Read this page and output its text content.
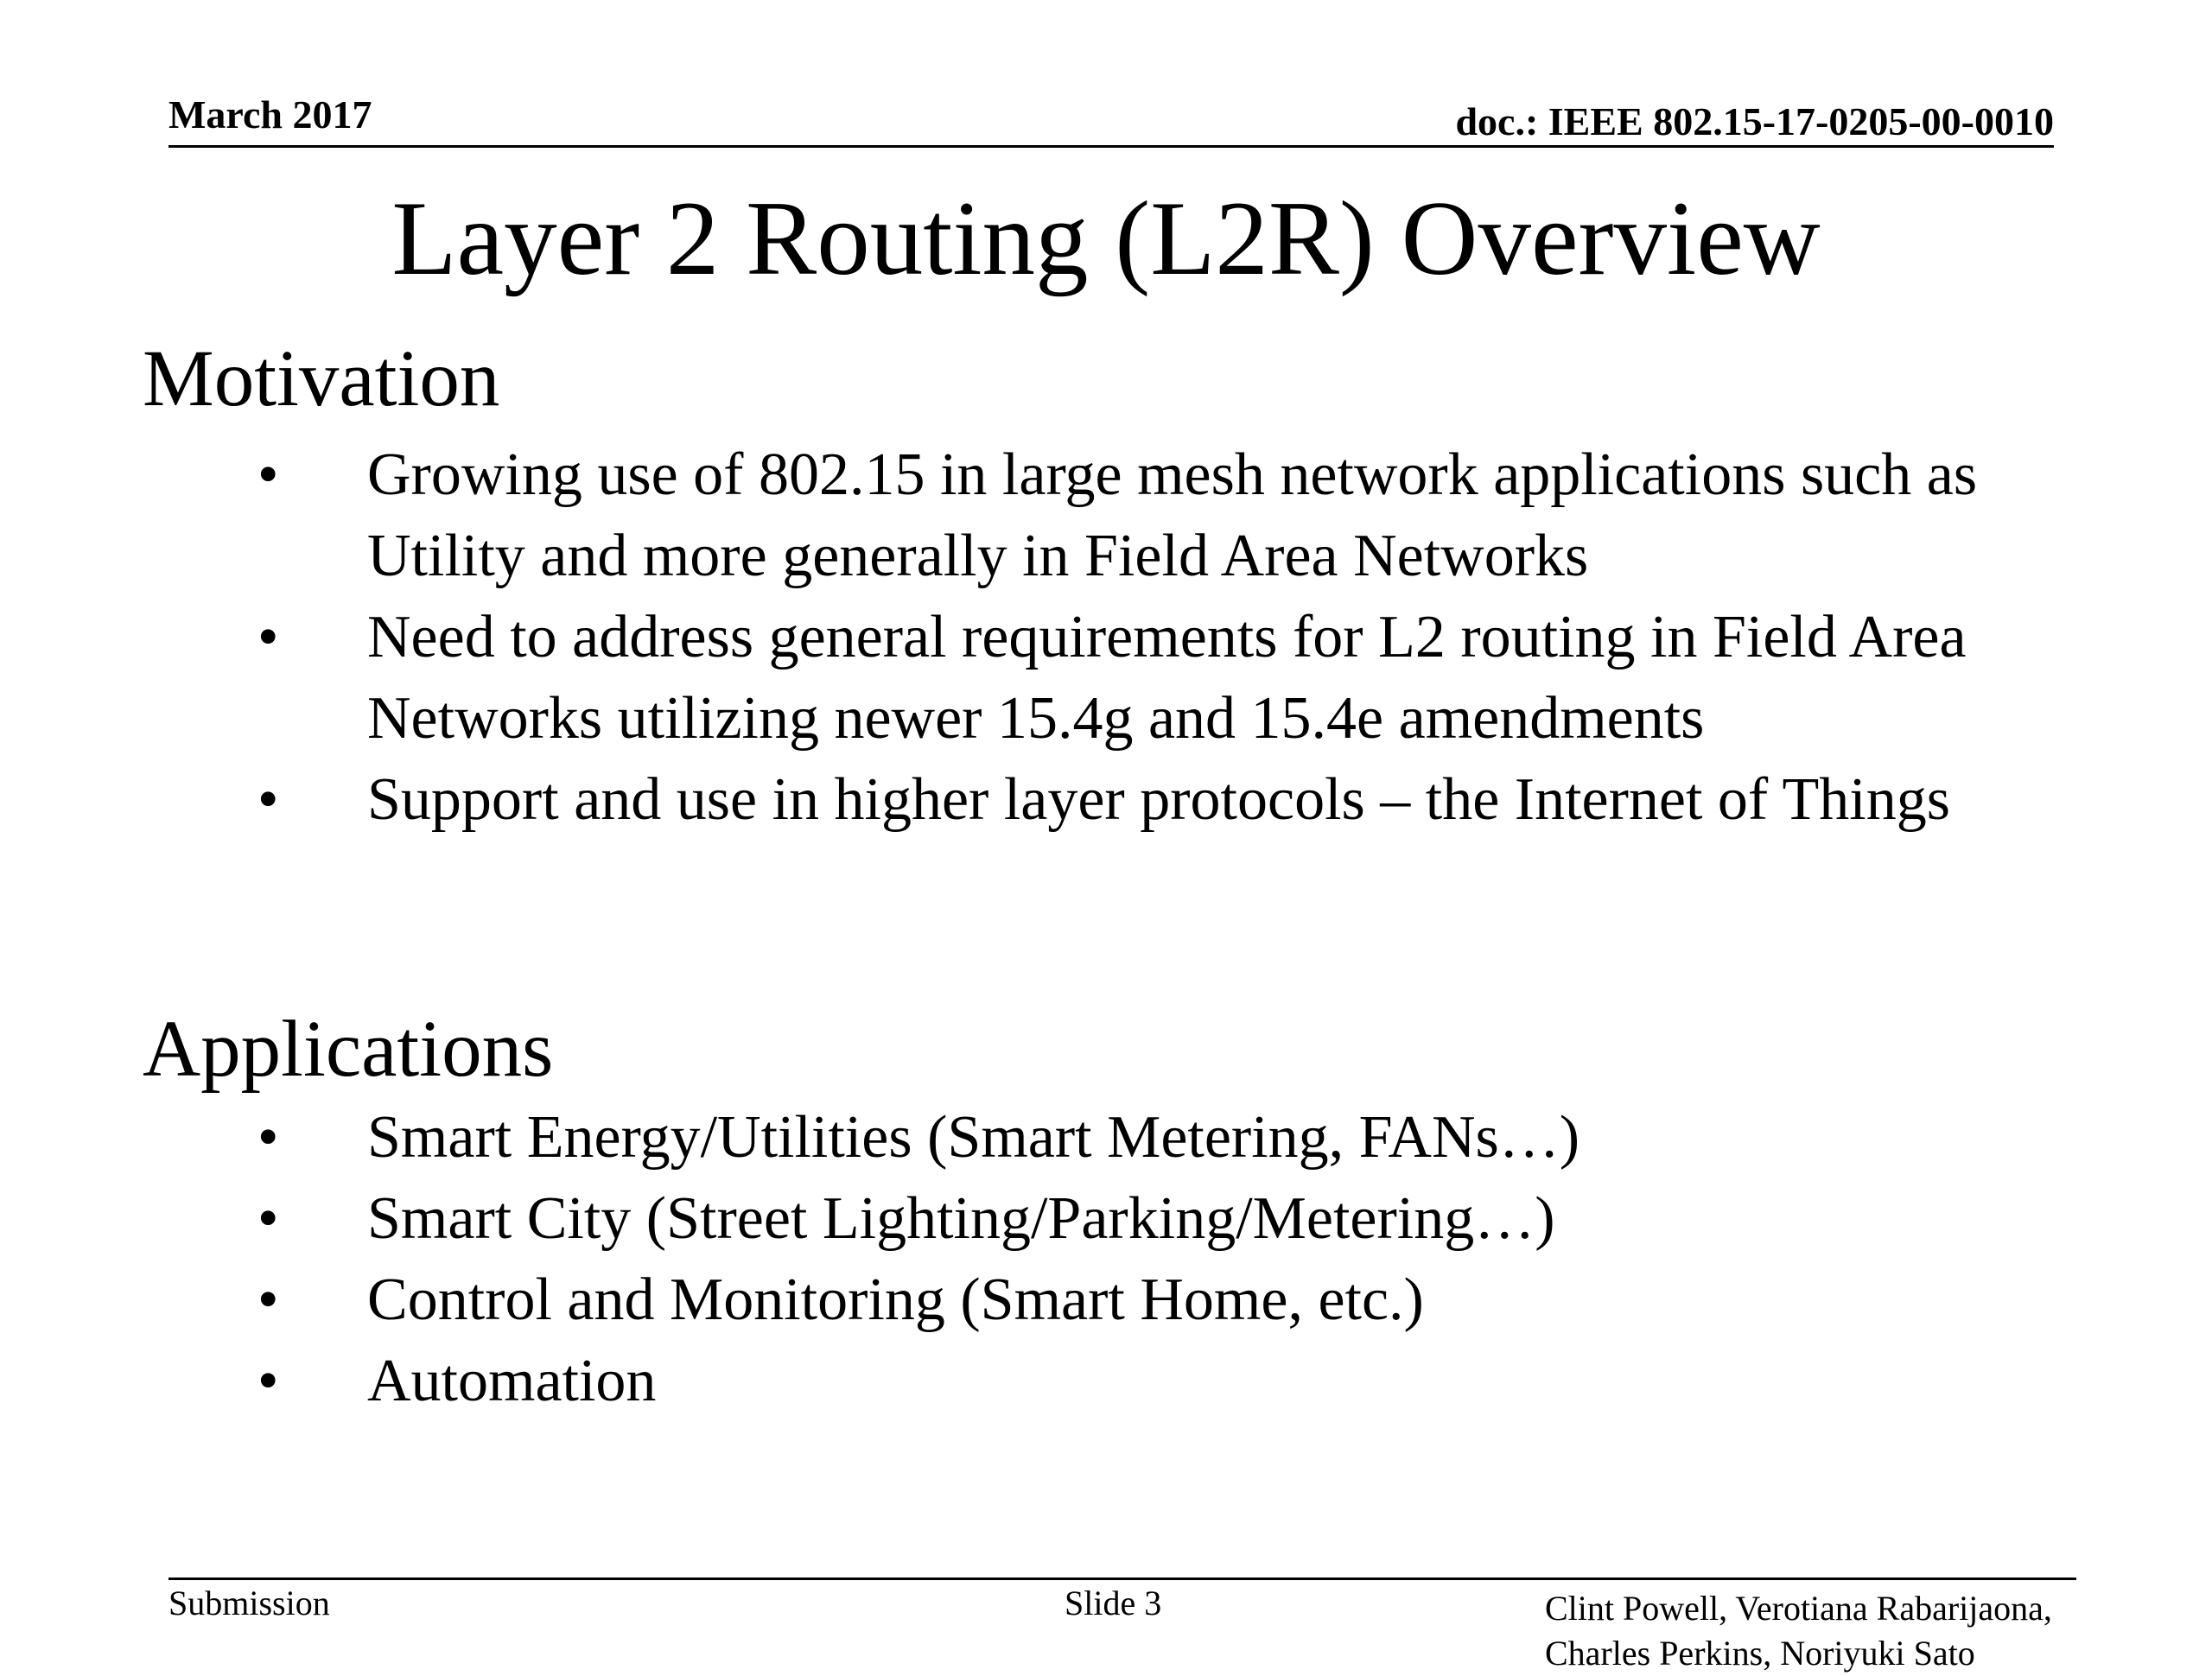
March 2017	doc.: IEEE 802.15-17-0205-00-0010
Layer 2 Routing (L2R) Overview
Motivation
• Growing use of 802.15 in large mesh network applications such as Utility and more generally in Field Area Networks
• Need to address general requirements for L2 routing in Field Area Networks utilizing newer 15.4g and 15.4e amendments
• Support and use in higher layer protocols – the Internet of Things
Applications
• Smart Energy/Utilities (Smart Metering, FANs…)
• Smart City (Street Lighting/Parking/Metering…)
• Control and Monitoring (Smart Home, etc.)
• Automation
Submission	Slide 3	Clint Powell, Verotiana Rabarijaona,
Charles Perkins, Noriyuki Sato
